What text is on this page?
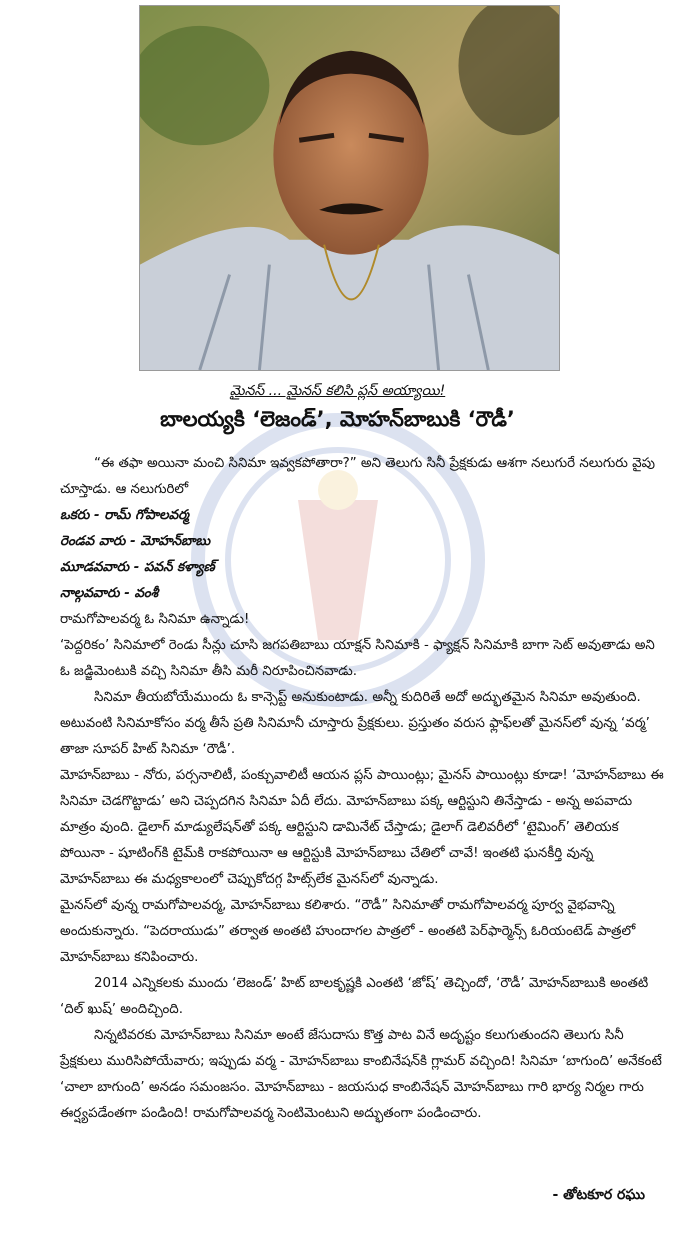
మైనస్ ... మైనస్ కలిసి ప్లస్ అయ్యాయి!
బాలయ్యకి ‘లెజండ్’, మోహన్‌బాబుకి ‘రౌడీ’

“ఈ తఫా అయినా మంచి సినిమా ఇవ్వకపోతారా?” అని తెలుగు సినీ ప్రేక్షకుడు ఆశగా నలుగురే నలుగురు వైపు చూస్తాడు. ఆ నలుగురిలో

ఒకరు - రామ్ గోపాలవర్మ

రెండవ వారు - మోహన్‌బాబు

మూడవవారు - పవన్ కళ్యాణ్

నాల్గవవారు - వంశీ

రామగోపాలవర్మ ఓ సినిమా ఉన్నాడు!

‘పెద్దరికం’ సినిమాలో రెండు సీన్లు చూసి జగపతిబాబు యాక్షన్ సినిమాకి - ఫ్యాక్షన్ సినిమాకి బాగా సెట్ అవుతాడు అని ఓ జడ్జిమెంటుకి వచ్చి సినిమా తీసి మరీ నిరూపించినవాడు.

సినిమా తీయబోయేముందు ఓ కాన్సెప్ట్ అనుకుంటాడు. అన్నీ కుదిరితే అదో అద్భుతమైన సినిమా అవుతుంది. అటువంటి సినిమాకోసం వర్మ తీసే ప్రతి సినిమానీ చూస్తారు ప్రేక్షకులు. ప్రస్తుతం వరుస ఫ్లాఫ్‌లతో మైనస్‌లో వున్న ‘వర్మ’ తాజా సూపర్ హిట్ సినిమా ‘రౌడీ’.

మోహన్‌బాబు - నోరు, పర్సనాలిటీ, పంక్చువాలిటీ ఆయన ప్లస్ పాయింట్లు; మైనస్ పాయింట్లు కూడా! ‘మోహన్‌బాబు ఈ సినిమా చెడగొట్టాడు’ అని చెప్పదగిన సినిమా ఏదీ లేదు. మోహన్‌బాబు పక్క ఆర్టిస్టుని తినేస్తాడు - అన్న అపవాదు మాత్రం వుంది. డైలాగ్ మాడ్యులేషన్‌తో పక్క ఆర్టిస్టుని డామినేట్ చేస్తాడు; డైలాగ్ డెలివరీలో ‘టైమింగ్’ తెలియక పోయినా - షూటింగ్‌కి టైమ్‌కి రాకపోయినా ఆ ఆర్టిస్టుకి మోహన్‌బాబు చేతిలో చావే! ఇంతటి ఘనకీర్తి వున్న మోహన్‌బాబు ఈ మధ్యకాలంలో చెప్పుకోదగ్గ హిట్స్‌లేక మైనస్‌లో వున్నాడు.

మైనస్‌లో వున్న రామగోపాలవర్మ, మోహన్‌బాబు కలిశారు. “రౌడీ” సినిమాతో రామగోపాలవర్మ పూర్వ వైభవాన్ని అందుకున్నారు. “పెదరాయుడు” తర్వాత అంతటి హుందాగల పాత్రలో - అంతటి పెర్‌ఫార్మెన్స్ ఓరియంటెడ్ పాత్రలో మోహన్‌బాబు కనిపించారు.

2014 ఎన్నికలకు ముందు ‘లెజండ్’ హిట్ బాలకృష్ణకి ఎంతటి ‘జోష్’ తెచ్చిందో, ‘రౌడీ’ మోహన్‌బాబుకి అంతటి ‘దిల్ ఖుష్’ అందిచ్చింది.

నిన్నటివరకు మోహన్‌బాబు సినిమా అంటే జేసుదాసు కొత్త పాట వినే అదృష్టం కలుగుతుందని తెలుగు సినీ ప్రేక్షకులు మురిసిపోయేవారు; ఇప్పుడు వర్మ - మోహన్‌బాబు కాంబినేషన్‌కి గ్లామర్ వచ్చింది! సినిమా ‘బాగుంది’ అనేకంటే ‘చాలా బాగుంది’ అనడం సమంజసం. మోహన్‌బాబు - జయసుధ కాంబినేషన్ మోహన్‌బాబు గారి భార్య నిర్మల గారు ఈర్ష్యపడేంతగా పండింది! రామగోపాలవర్మ సెంటిమెంటుని అద్భుతంగా పండించారు.

- తోటకూర రఘు
